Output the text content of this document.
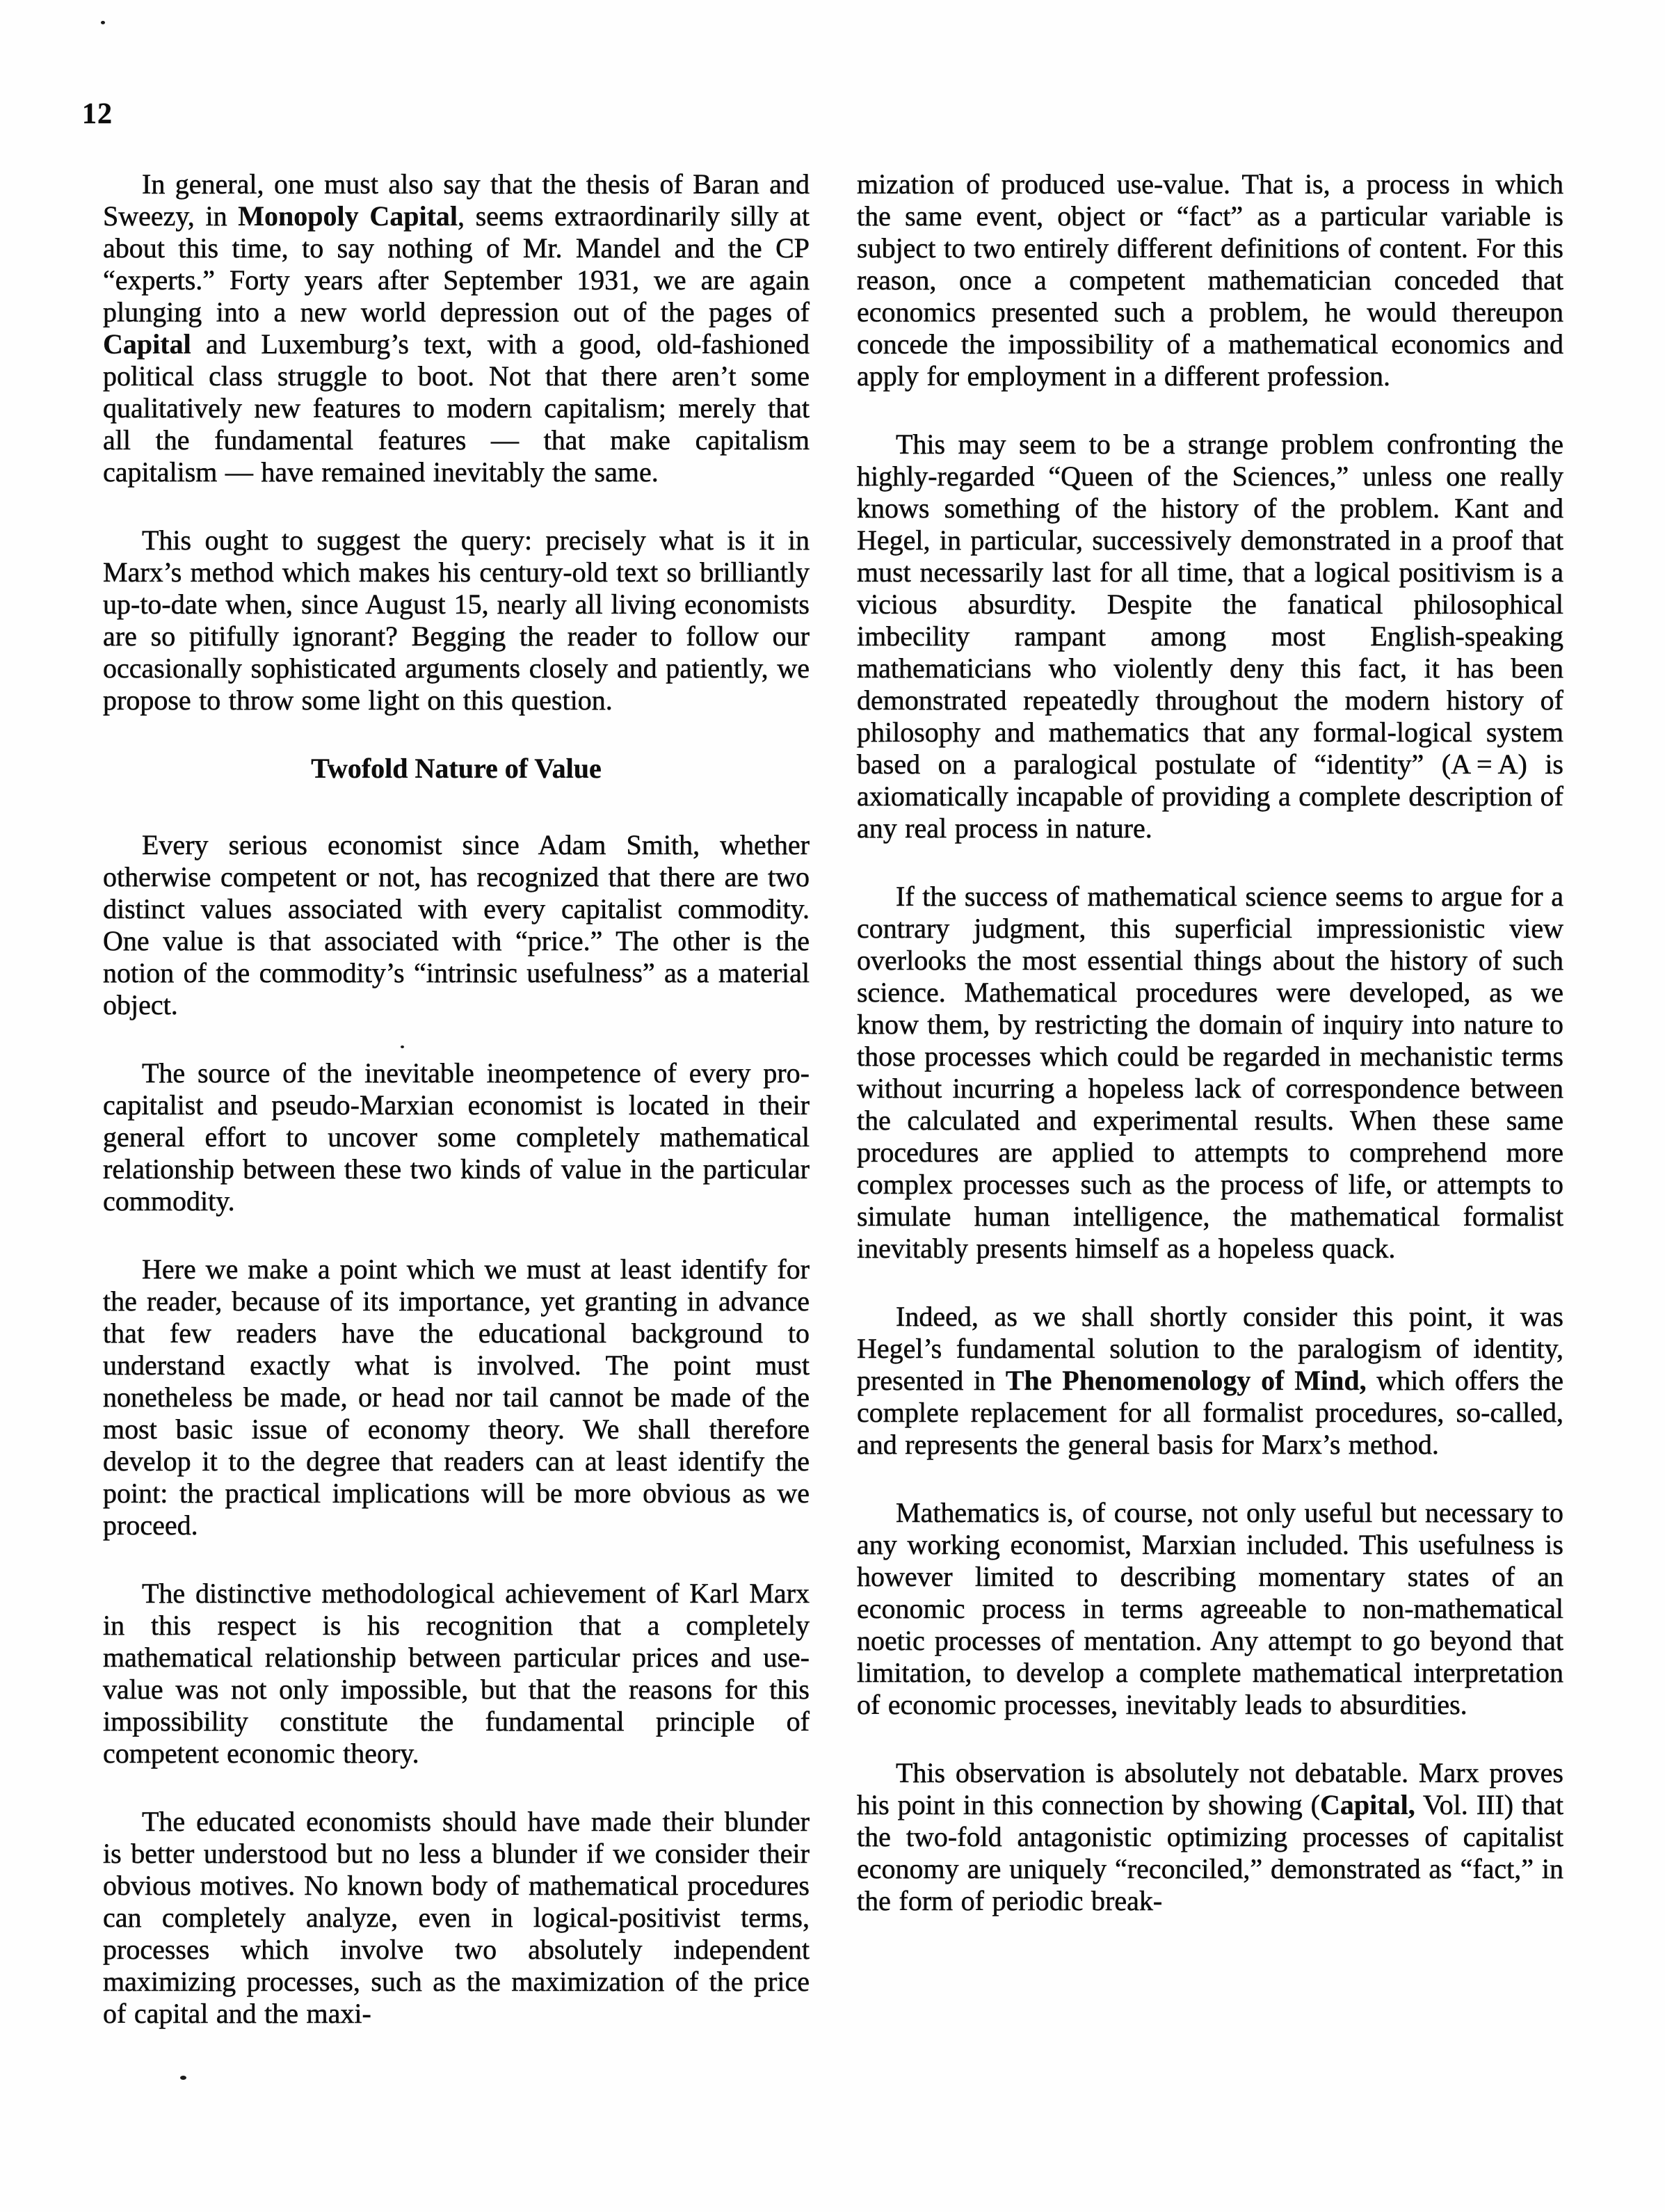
12

In general, one must also say that the thesis of Baran and Sweezy, in Monopoly Capital, seems extraordinarily silly at about this time, to say nothing of Mr. Mandel and the CP “experts.” Forty years after September 1931, we are again plunging into a new world depression out of the pages of Capital and Luxemburg’s text, with a good, old-fashioned political class struggle to boot. Not that there aren’t some qualitatively new features to modern capitalism; merely that all the fundamental features — that make capitalism capitalism — have remained inevitably the same.

This ought to suggest the query: precisely what is it in Marx’s method which makes his century-old text so brilliantly up-to-date when, since August 15, nearly all living economists are so pitifully ignorant? Begging the reader to follow our occasionally sophisticated arguments closely and patiently, we propose to throw some light on this question.

Twofold Nature of Value

Every serious economist since Adam Smith, whether otherwise competent or not, has recognized that there are two distinct values associated with every capitalist commodity. One value is that associated with “price.” The other is the notion of the commodity’s “intrinsic usefulness” as a material object.

The source of the inevitable ineompetence of every pro-capitalist and pseudo-Marxian economist is located in their general effort to uncover some completely mathematical relationship between these two kinds of value in the particular commodity.

Here we make a point which we must at least identify for the reader, because of its importance, yet granting in advance that few readers have the educational background to understand exactly what is involved. The point must nonetheless be made, or head nor tail cannot be made of the most basic issue of economy theory. We shall therefore develop it to the degree that readers can at least identify the point: the practical implications will be more obvious as we proceed.

The distinctive methodological achievement of Karl Marx in this respect is his recognition that a completely mathematical relationship between particular prices and use-value was not only impossible, but that the reasons for this impossibility constitute the fundamental principle of competent economic theory.

The educated economists should have made their blunder is better understood but no less a blunder if we consider their obvious motives. No known body of mathematical procedures can completely analyze, even in logical-positivist terms, processes which involve two absolutely independent maximizing processes, such as the maximization of the price of capital and the maxi-

mization of produced use-value. That is, a process in which the same event, object or “fact” as a particular variable is subject to two entirely different definitions of content. For this reason, once a competent mathematician conceded that economics presented such a problem, he would thereupon concede the impossibility of a mathematical economics and apply for employment in a different profession.

This may seem to be a strange problem confronting the highly-regarded “Queen of the Sciences,” unless one really knows something of the history of the problem. Kant and Hegel, in particular, successively demonstrated in a proof that must necessarily last for all time, that a logical positivism is a vicious absurdity. Despite the fanatical philosophical imbecility rampant among most English-speaking mathematicians who violently deny this fact, it has been demonstrated repeatedly throughout the modern history of philosophy and mathematics that any formal-logical system based on a paralogical postulate of “identity” (A = A) is axiomatically incapable of providing a complete description of any real process in nature.

If the success of mathematical science seems to argue for a contrary judgment, this superficial impressionistic view overlooks the most essential things about the history of such science. Mathematical procedures were developed, as we know them, by restricting the domain of inquiry into nature to those processes which could be regarded in mechanistic terms without incurring a hopeless lack of correspondence between the calculated and experimental results. When these same procedures are applied to attempts to comprehend more complex processes such as the process of life, or attempts to simulate human intelligence, the mathematical formalist inevitably presents himself as a hopeless quack.

Indeed, as we shall shortly consider this point, it was Hegel’s fundamental solution to the paralogism of identity, presented in The Phenomenology of Mind, which offers the complete replacement for all formalist procedures, so-called, and represents the general basis for Marx’s method.

Mathematics is, of course, not only useful but necessary to any working economist, Marxian included. This usefulness is however limited to describing momentary states of an economic process in terms agreeable to non-mathematical noetic processes of mentation. Any attempt to go beyond that limitation, to develop a complete mathematical interpretation of economic processes, inevitably leads to absurdities.

This observation is absolutely not debatable. Marx proves his point in this connection by showing (Capital, Vol. III) that the two-fold antagonistic optimizing processes of capitalist economy are uniquely “reconciled,” demonstrated as “fact,” in the form of periodic break-
